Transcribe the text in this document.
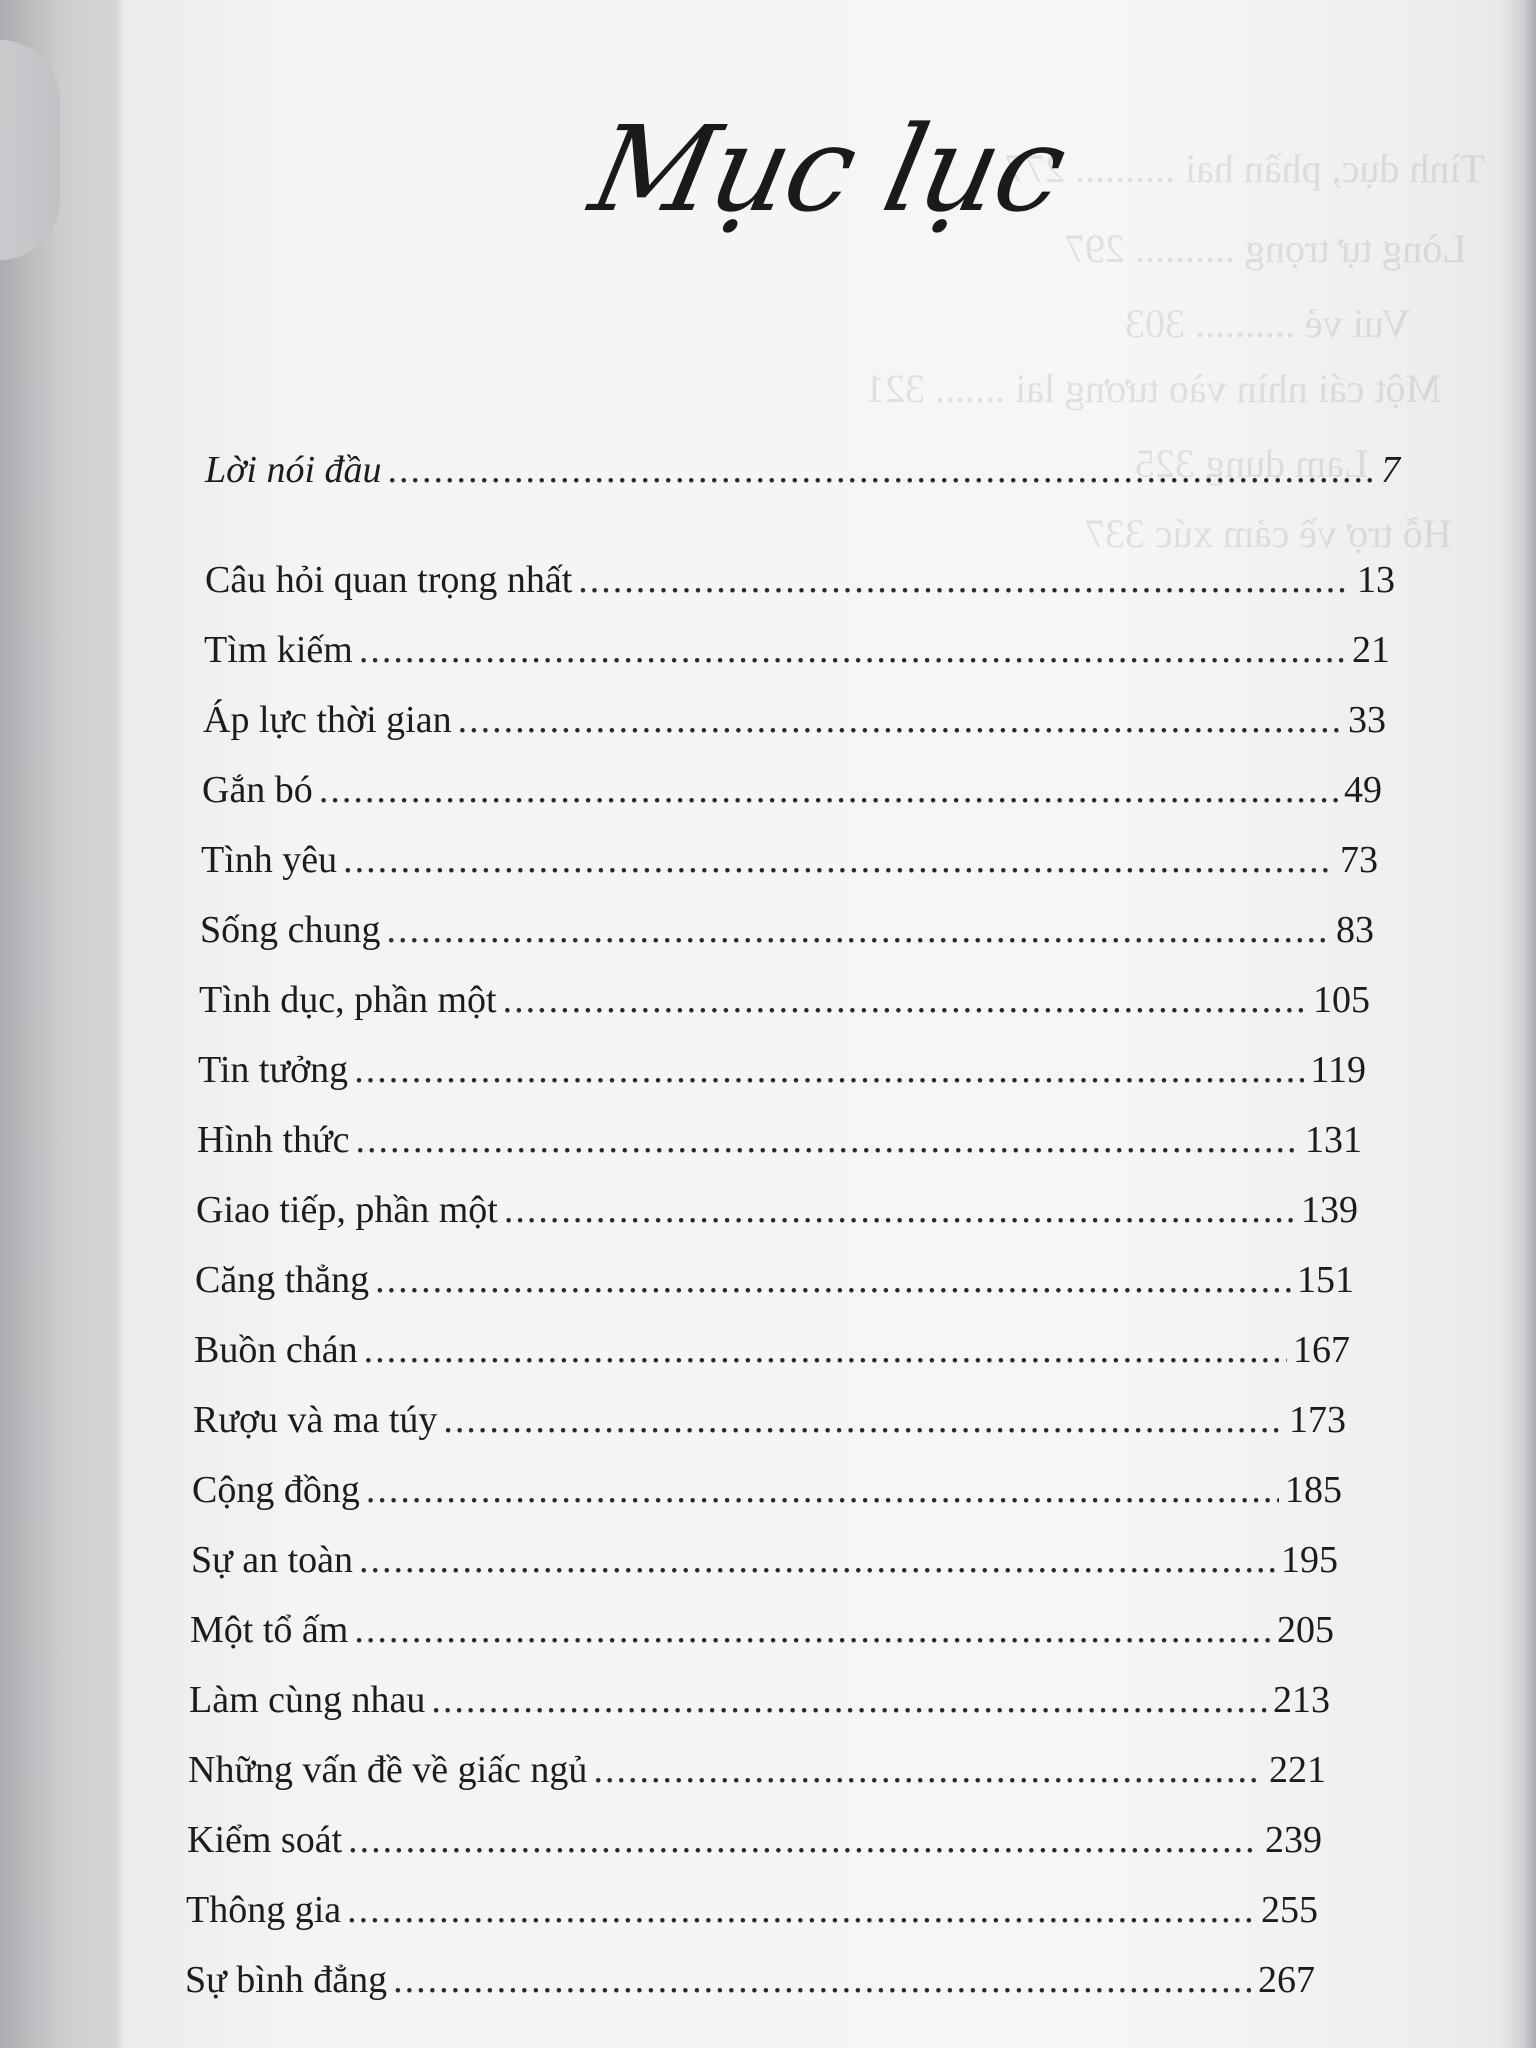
Tình dục, phần hai .......... 277
Lòng tự trọng .......... 297
Vui vẻ .......... 303
Một cái nhìn vào tương lai ....... 321
Lạm dụng 325
Hỗ trợ về cảm xúc 337
Mục lục
Lời nói đầu .....	7
Câu hỏi quan trọng nhất .....	13
Tìm kiếm .....	21
Áp lực thời gian .....	33
Gắn bó .....	49
Tình yêu .....	73
Sống chung .....	83
Tình dục, phần một .....	105
Tin tưởng .....	119
Hình thức .....	131
Giao tiếp, phần một .....	139
Căng thẳng .....	151
Buồn chán .....	167
Rượu và ma túy .....	173
Cộng đồng .....	185
Sự an toàn .....	195
Một tổ ấm .....	205
Làm cùng nhau .....	213
Những vấn đề về giấc ngủ .....	221
Kiểm soát .....	239
Thông gia .....	255
Sự bình đẳng .....	267
